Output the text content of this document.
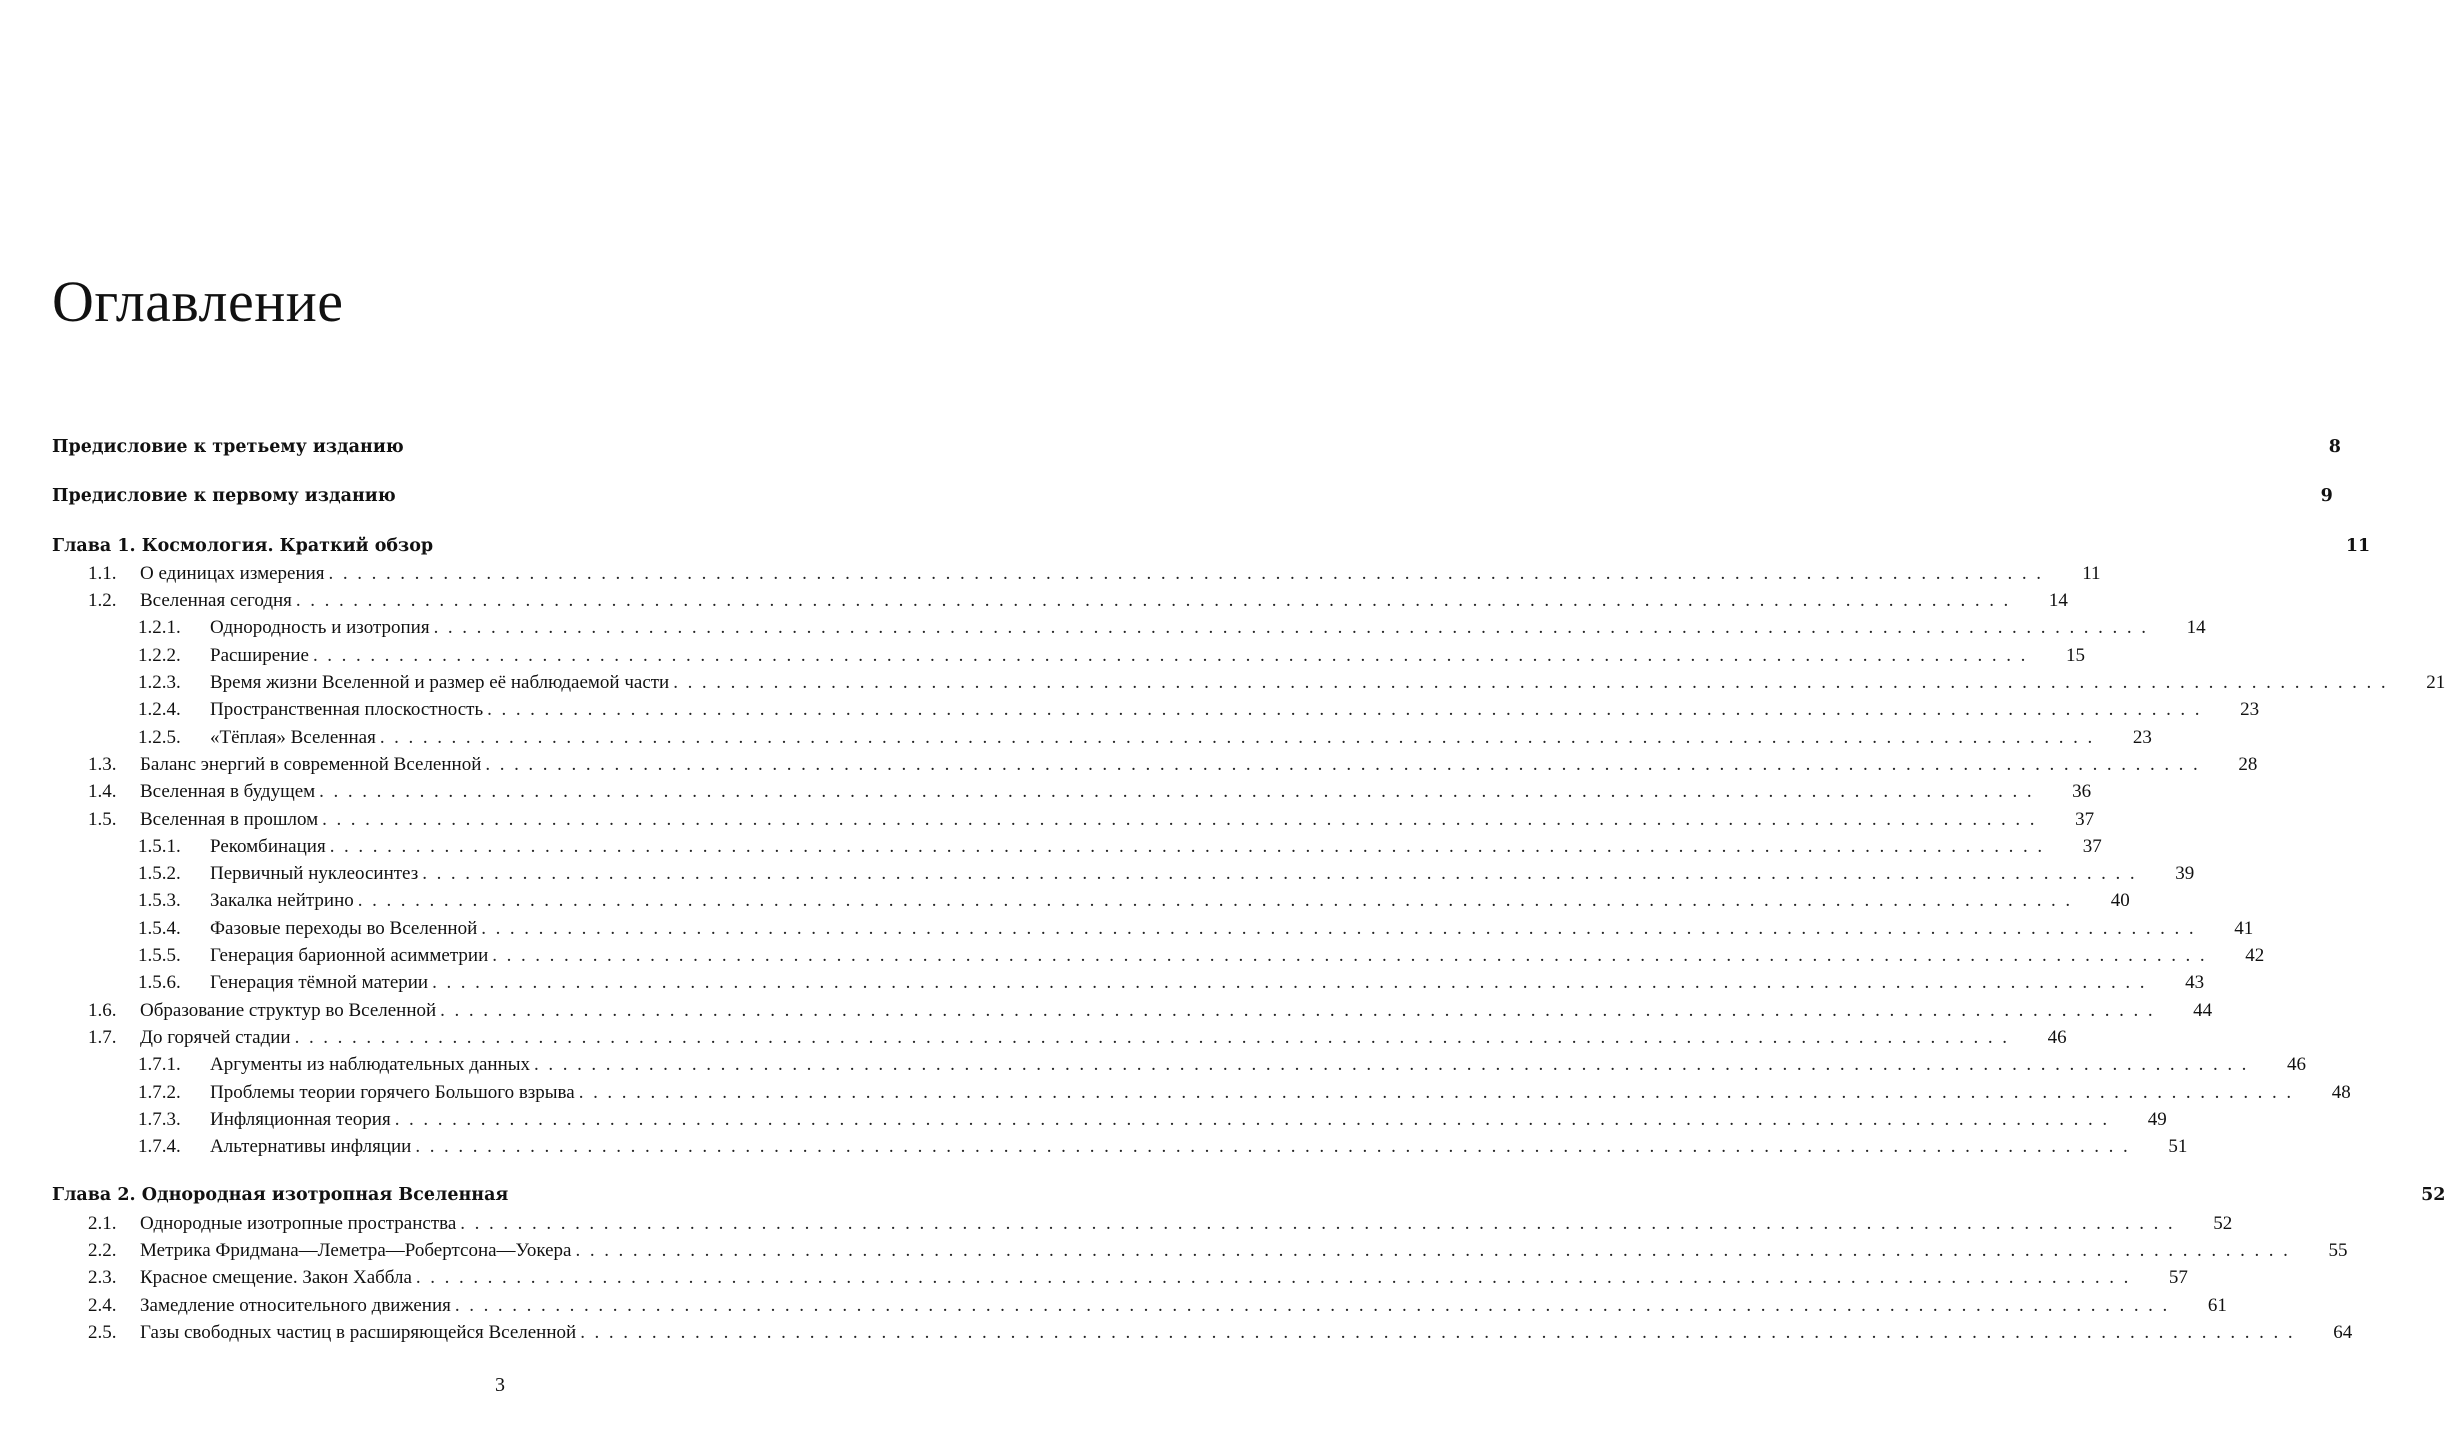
Оглавление
Предисловие к третьему изданию	8
Предисловие к первому изданию	9
Глава 1. Космология. Краткий обзор	11
1.1. О единицах измерения ........................................................................................................................	11
1.2. Вселенная сегодня ........................................................................................................................	14
1.2.1. Однородность и изотропия ........................................................................................................................	14
1.2.2. Расширение ........................................................................................................................	15
1.2.3. Время жизни Вселенной и размер её наблюдаемой части ........................................................................................................................	21
1.2.4. Пространственная плоскостность ........................................................................................................................	23
1.2.5. «Тёплая» Вселенная ........................................................................................................................	23
1.3. Баланс энергий в современной Вселенной ........................................................................................................................	28
1.4. Вселенная в будущем ........................................................................................................................	36
1.5. Вселенная в прошлом ........................................................................................................................	37
1.5.1. Рекомбинация ........................................................................................................................	37
1.5.2. Первичный нуклеосинтез ........................................................................................................................	39
1.5.3. Закалка нейтрино ........................................................................................................................	40
1.5.4. Фазовые переходы во Вселенной ........................................................................................................................	41
1.5.5. Генерация барионной асимметрии ........................................................................................................................	42
1.5.6. Генерация тёмной материи ........................................................................................................................	43
1.6. Образование структур во Вселенной ........................................................................................................................	44
1.7. До горячей стадии ........................................................................................................................	46
1.7.1. Аргументы из наблюдательных данных ........................................................................................................................	46
1.7.2. Проблемы теории горячего Большого взрыва ........................................................................................................................	48
1.7.3. Инфляционная теория ........................................................................................................................	49
1.7.4. Альтернативы инфляции ........................................................................................................................	51
Глава 2. Однородная изотропная Вселенная	52
2.1. Однородные изотропные пространства ........................................................................................................................	52
2.2. Метрика Фридмана—Леметра—Робертсона—Уокера ........................................................................................................................	55
2.3. Красное смещение. Закон Хаббла ........................................................................................................................	57
2.4. Замедление относительного движения ........................................................................................................................	61
2.5. Газы свободных частиц в расширяющейся Вселенной ........................................................................................................................	64
3
